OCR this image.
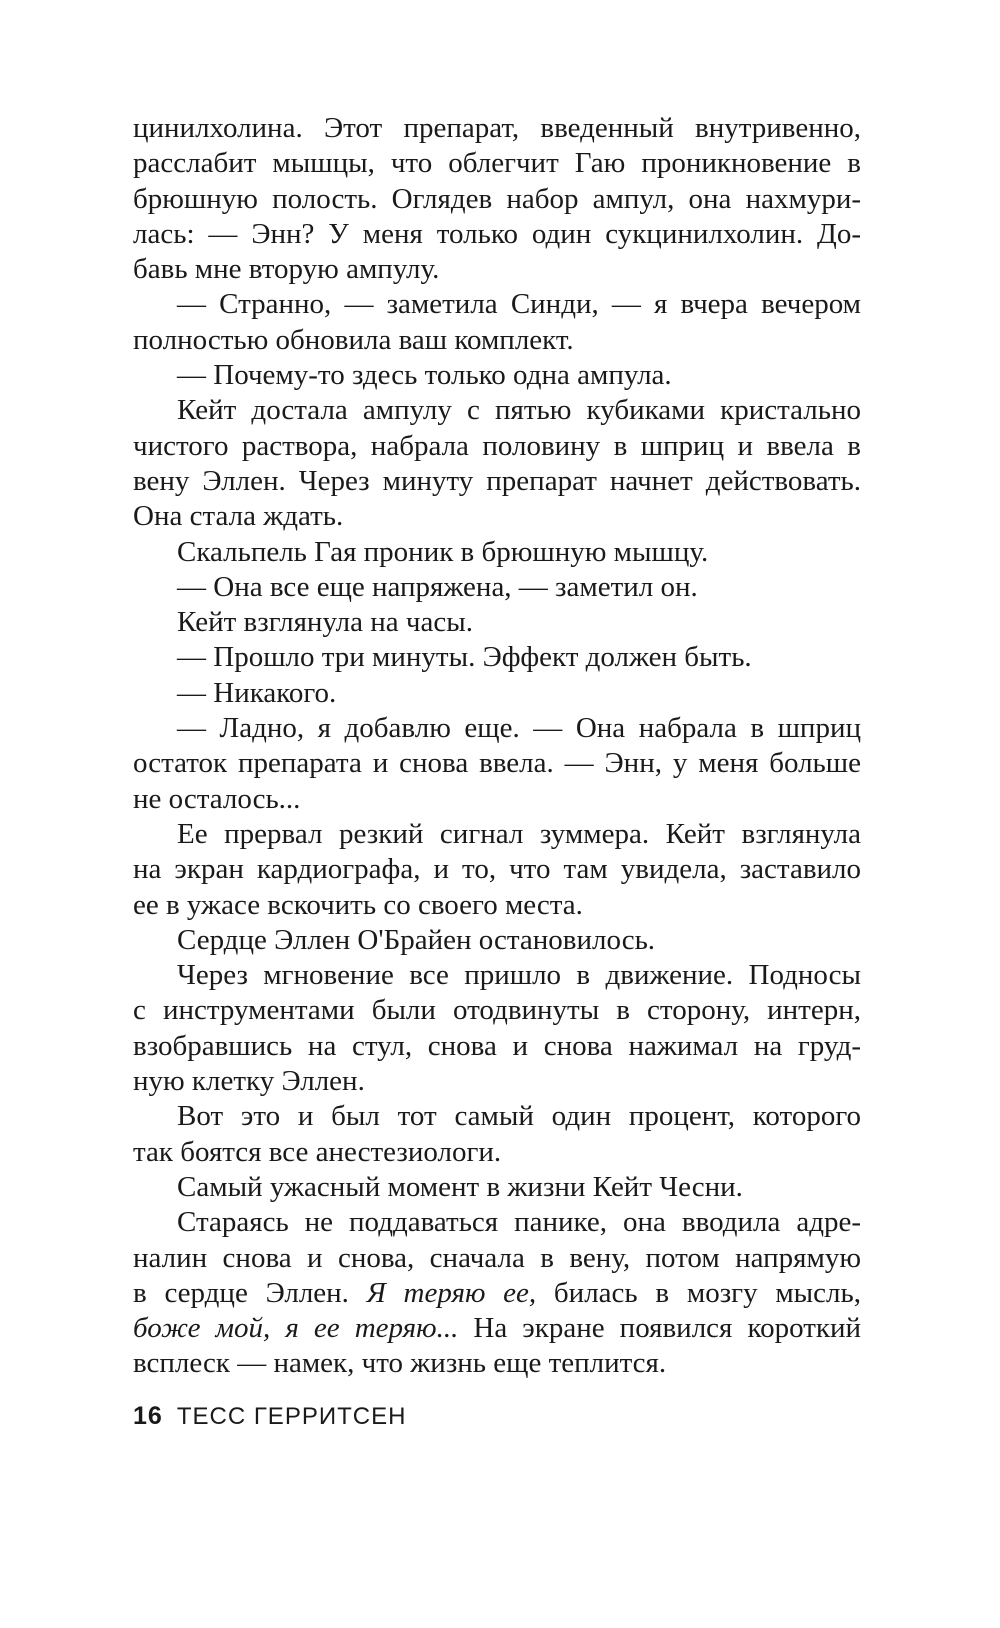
цинилхолина. Этот препарат, введенный внутривенно,
расслабит мышцы, что облегчит Гаю проникновение в
брюшную полость. Оглядев набор ампул, она нахмури-
лась: — Энн? У меня только один сукцинилхолин. До-
бавь мне вторую ампулу.
— Странно, — заметила Синди, — я вчера вечером
полностью обновила ваш комплект.
— Почему-то здесь только одна ампула.
Кейт достала ампулу с пятью кубиками кристально
чистого раствора, набрала половину в шприц и ввела в
вену Эллен. Через минуту препарат начнет действовать.
Она стала ждать.
Скальпель Гая проник в брюшную мышцу.
— Она все еще напряжена, — заметил он.
Кейт взглянула на часы.
— Прошло три минуты. Эффект должен быть.
— Никакого.
— Ладно, я добавлю еще. — Она набрала в шприц
остаток препарата и снова ввела. — Энн, у меня больше
не осталось...
Ее прервал резкий сигнал зуммера. Кейт взглянула
на экран кардиографа, и то, что там увидела, заставило
ее в ужасе вскочить со своего места.
Сердце Эллен О'Брайен остановилось.
Через мгновение все пришло в движение. Подносы
с инструментами были отодвинуты в сторону, интерн,
взобравшись на стул, снова и снова нажимал на груд-
ную клетку Эллен.
Вот это и был тот самый один процент, которого
так боятся все анестезиологи.
Самый ужасный момент в жизни Кейт Чесни.
Стараясь не поддаваться панике, она вводила адре-
налин снова и снова, сначала в вену, потом напрямую
в сердце Эллен. Я теряю ее, билась в мозгу мысль,
боже мой, я ее теряю... На экране появился короткий
всплеск — намек, что жизнь еще теплится.
16 ТЕСС ГЕРРИТСЕН
